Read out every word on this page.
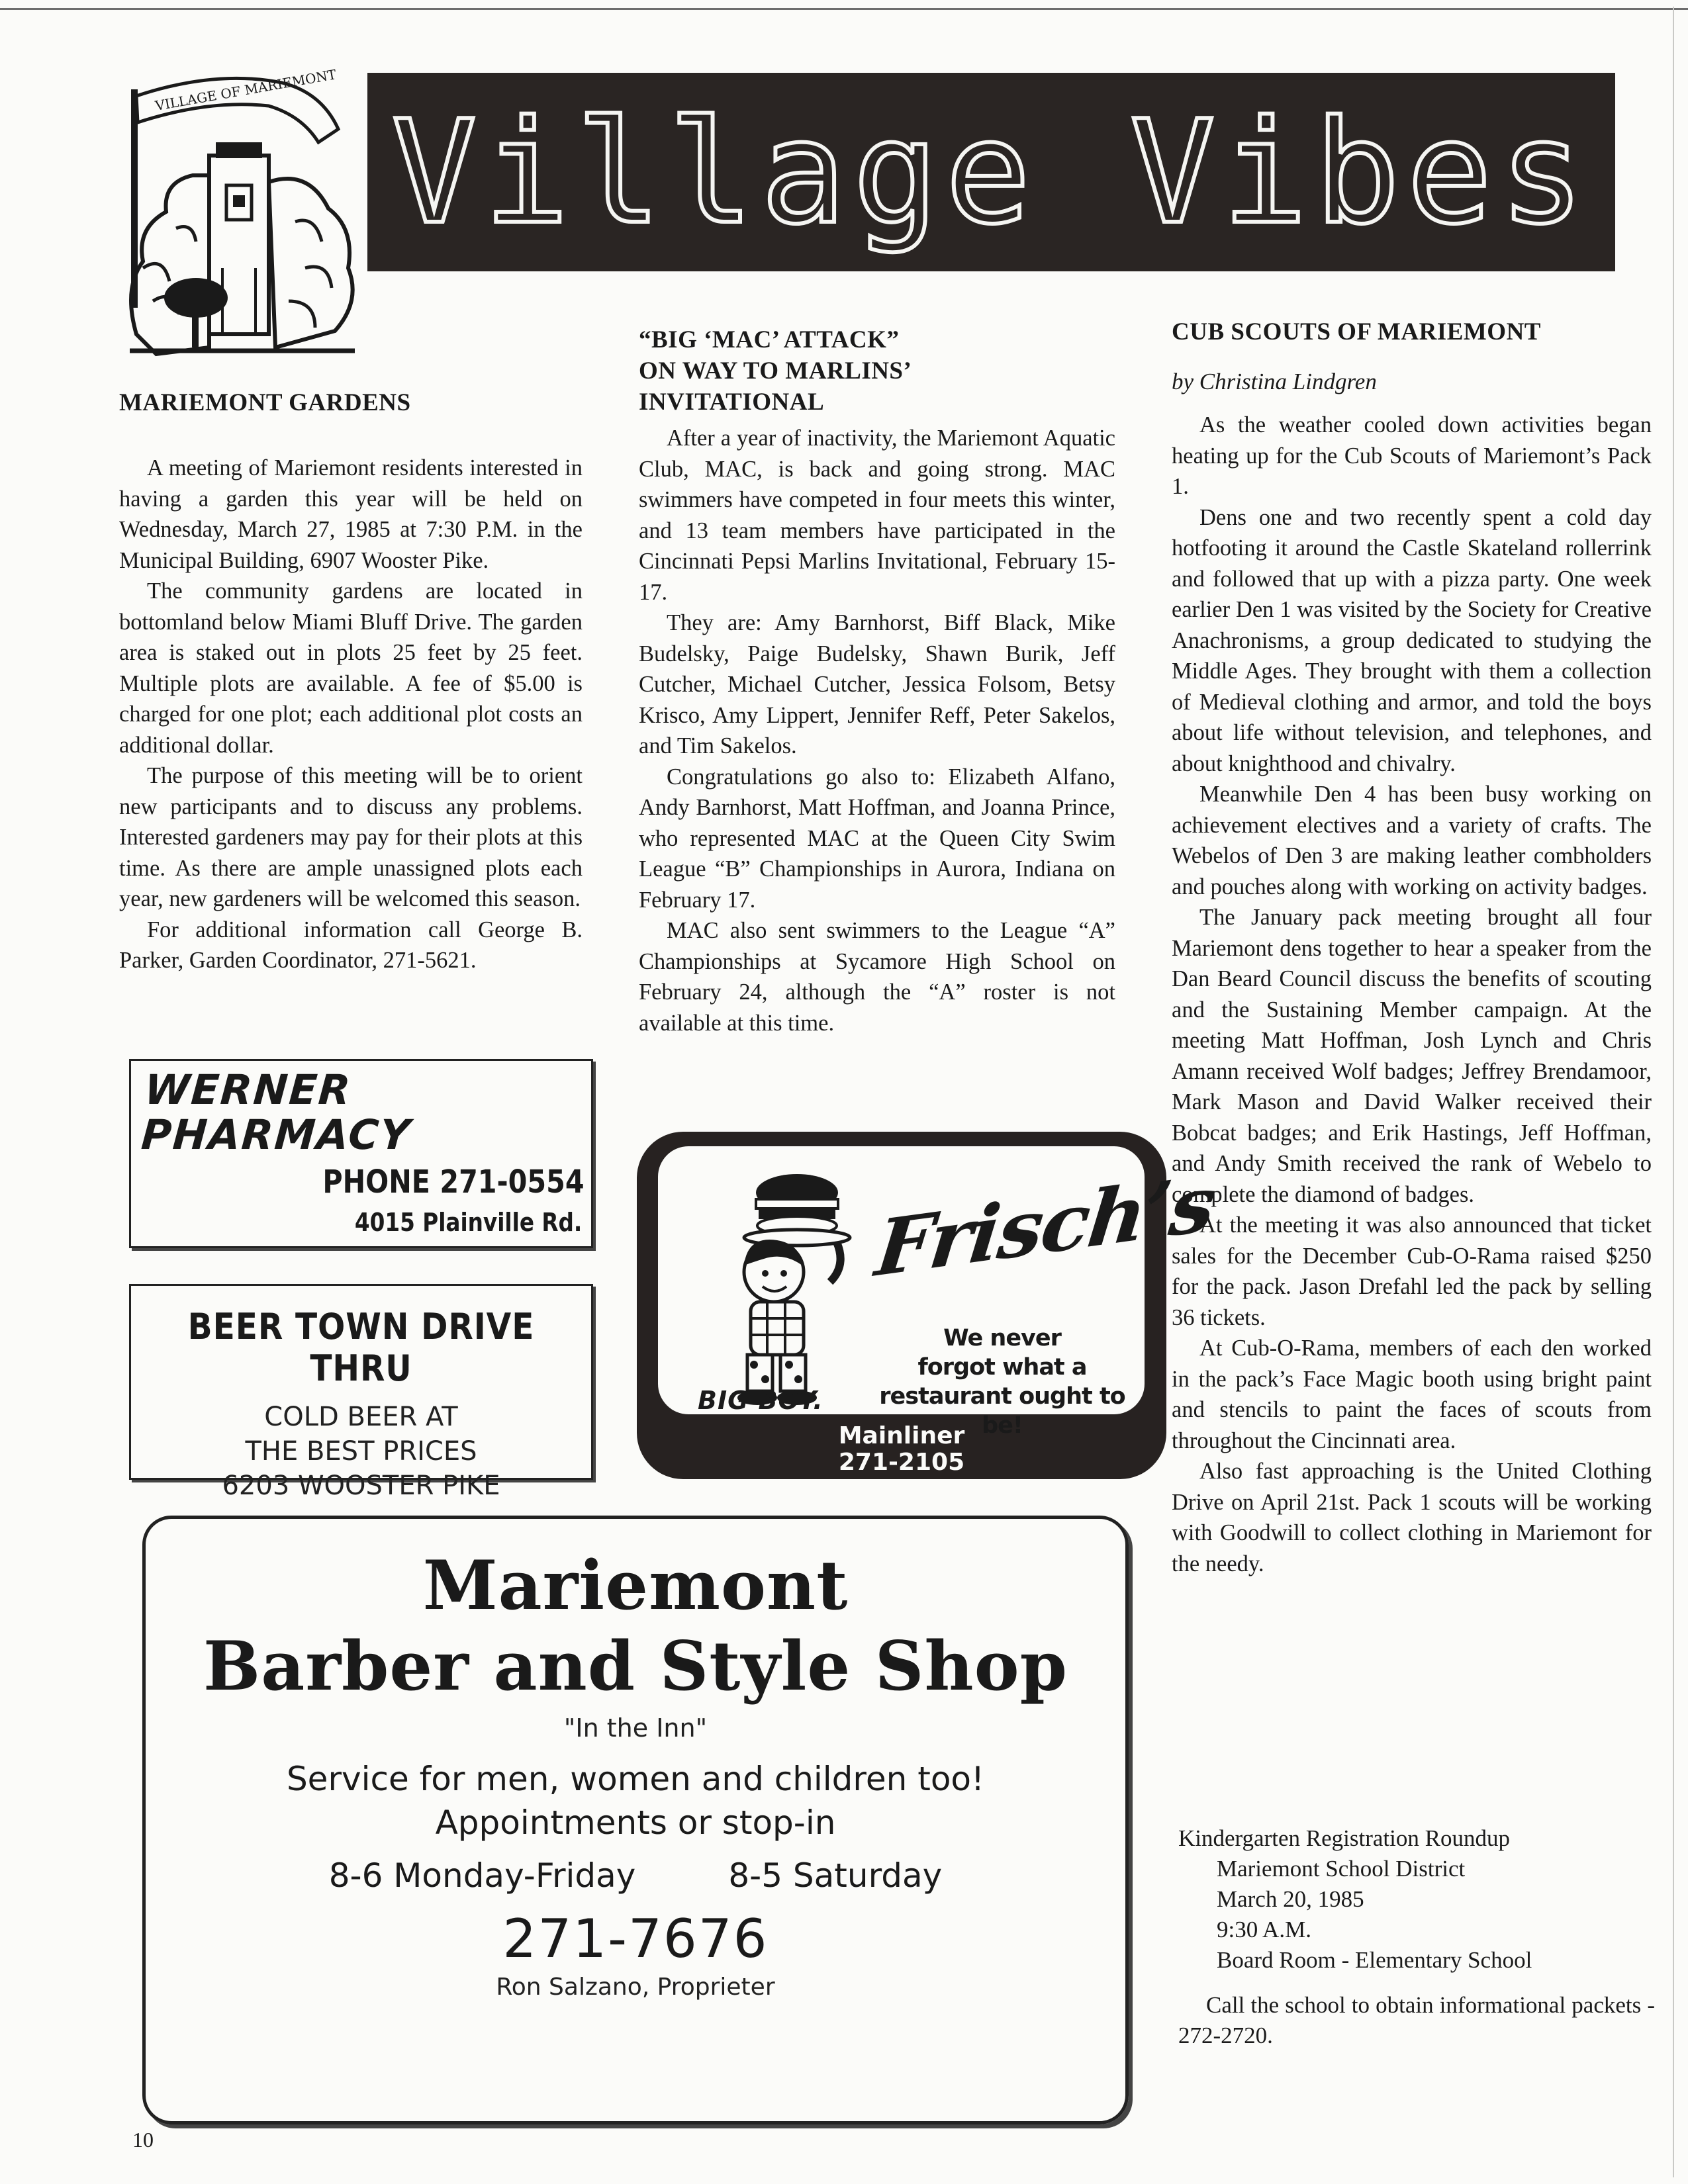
VILLAGE OF MARIEMONT Village Vibes
MARIEMONT GARDENS

A meeting of Mariemont residents interested in having a garden this year will be held on Wednesday, March 27, 1985 at 7:30 P.M. in the Municipal Building, 6907 Wooster Pike.

The community gardens are located in bottomland below Miami Bluff Drive. The garden area is staked out in plots 25 feet by 25 feet. Multiple plots are available. A fee of $5.00 is charged for one plot; each additional plot costs an additional dollar.

The purpose of this meeting will be to orient new participants and to discuss any problems. Interested gardeners may pay for their plots at this time. As there are ample unassigned plots each year, new gardeners will be welcomed this season.

For additional information call George B. Parker, Garden Coordinator, 271-5621.

“BIG ‘MAC’ ATTACK”
ON WAY TO MARLINS’
INVITATIONAL

After a year of inactivity, the Mariemont Aquatic Club, MAC, is back and going strong. MAC swimmers have competed in four meets this winter, and 13 team members have participated in the Cincinnati Pepsi Marlins Invitational, February 15-17.

They are: Amy Barnhorst, Biff Black, Mike Budelsky, Paige Budelsky, Shawn Burik, Jeff Cutcher, Michael Cutcher, Jessica Folsom, Betsy Krisco, Amy Lippert, Jennifer Reff, Peter Sakelos, and Tim Sakelos.

Congratulations go also to: Elizabeth Alfano, Andy Barnhorst, Matt Hoffman, and Joanna Prince, who represented MAC at the Queen City Swim League “B” Championships in Aurora, Indiana on February 17.

MAC also sent swimmers to the League “A” Championships at Sycamore High School on February 24, although the “A” roster is not available at this time.

CUB SCOUTS OF MARIEMONT
by Christina Lindgren

As the weather cooled down activities began heating up for the Cub Scouts of Mariemont’s Pack 1.

Dens one and two recently spent a cold day hotfooting it around the Castle Skateland rollerrink and followed that up with a pizza party. One week earlier Den 1 was visited by the Society for Creative Anachronisms, a group dedicated to studying the Middle Ages. They brought with them a collection of Medieval clothing and armor, and told the boys about life without television, and telephones, and about knighthood and chivalry.

Meanwhile Den 4 has been busy working on achievement electives and a variety of crafts. The Webelos of Den 3 are making leather combholders and pouches along with working on activity badges.

The January pack meeting brought all four Mariemont dens together to hear a speaker from the Dan Beard Council discuss the benefits of scouting and the Sustaining Member campaign. At the meeting Matt Hoffman, Josh Lynch and Chris Amann received Wolf badges; Jeffrey Brendamoor, Mark Mason and David Walker received their Bobcat badges; and Erik Hastings, Jeff Hoffman, and Andy Smith received the rank of Webelo to complete the diamond of badges.

At the meeting it was also announced that ticket sales for the December Cub-O-Rama raised $250 for the pack. Jason Drefahl led the pack by selling 36 tickets.

At Cub-O-Rama, members of each den worked in the pack’s Face Magic booth using bright paint and stencils to paint the faces of scouts from throughout the Cincinnati area.

Also fast approaching is the United Clothing Drive on April 21st. Pack 1 scouts will be working with Goodwill to collect clothing in Mariemont for the needy.

WERNER
PHARMACY
PHONE 271-0554
4015 Plainville Rd.
BEER TOWN DRIVE THRU
COLD BEER AT
THE BEST PRICES
6203 WOOSTER PIKE
Frisch’s
We never
forgot what a
restaurant ought to be!
BIG BOY.
Mainliner
271-2105
Mariemont
Barber and Style Shop
"In the Inn"
Service for men, women and children too!
Appointments or stop-in
8-6 Monday-Friday	8-5 Saturday
271-7676
Ron Salzano, Proprieter
Kindergarten Registration Roundup
Mariemont School District
March 20, 1985
9:30 A.M.
Board Room - Elementary School
Call the school to obtain informational packets - 272-2720.
10
